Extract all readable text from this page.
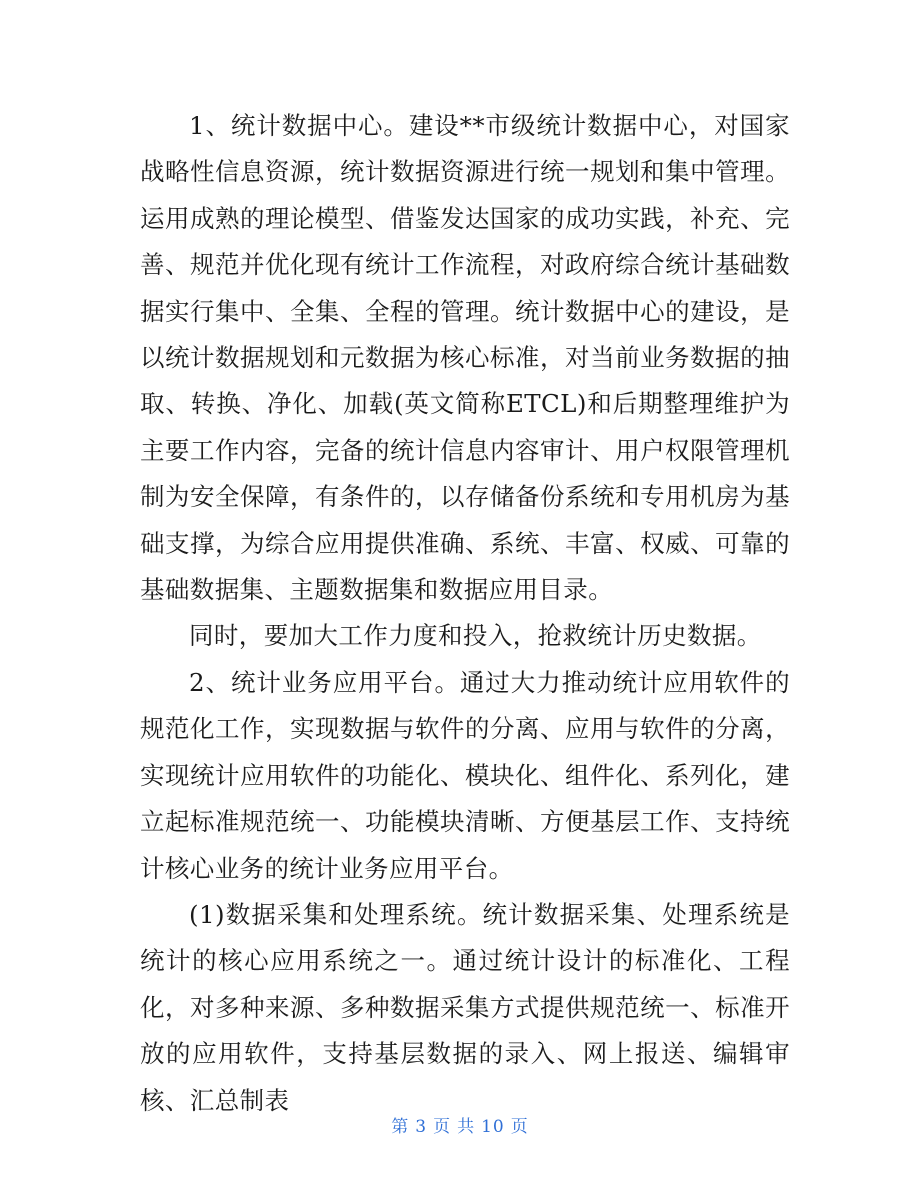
1、统计数据中心。建设**市级统计数据中心，对国家战略性信息资源，统计数据资源进行统一规划和集中管理。运用成熟的理论模型、借鉴发达国家的成功实践，补充、完善、规范并优化现有统计工作流程，对政府综合统计基础数据实行集中、全集、全程的管理。统计数据中心的建设，是以统计数据规划和元数据为核心标准，对当前业务数据的抽取、转换、净化、加载(英文简称ETCL)和后期整理维护为主要工作内容，完备的统计信息内容审计、用户权限管理机制为安全保障，有条件的，以存储备份系统和专用机房为基础支撑，为综合应用提供准确、系统、丰富、权威、可靠的基础数据集、主题数据集和数据应用目录。

同时，要加大工作力度和投入，抢救统计历史数据。

2、统计业务应用平台。通过大力推动统计应用软件的规范化工作，实现数据与软件的分离、应用与软件的分离，实现统计应用软件的功能化、模块化、组件化、系列化，建立起标准规范统一、功能模块清晰、方便基层工作、支持统计核心业务的统计业务应用平台。

(1)数据采集和处理系统。统计数据采集、处理系统是统计的核心应用系统之一。通过统计设计的标准化、工程化，对多种来源、多种数据采集方式提供规范统一、标准开放的应用软件，支持基层数据的录入、网上报送、编辑审核、汇总制表

第 3 页 共 10 页
